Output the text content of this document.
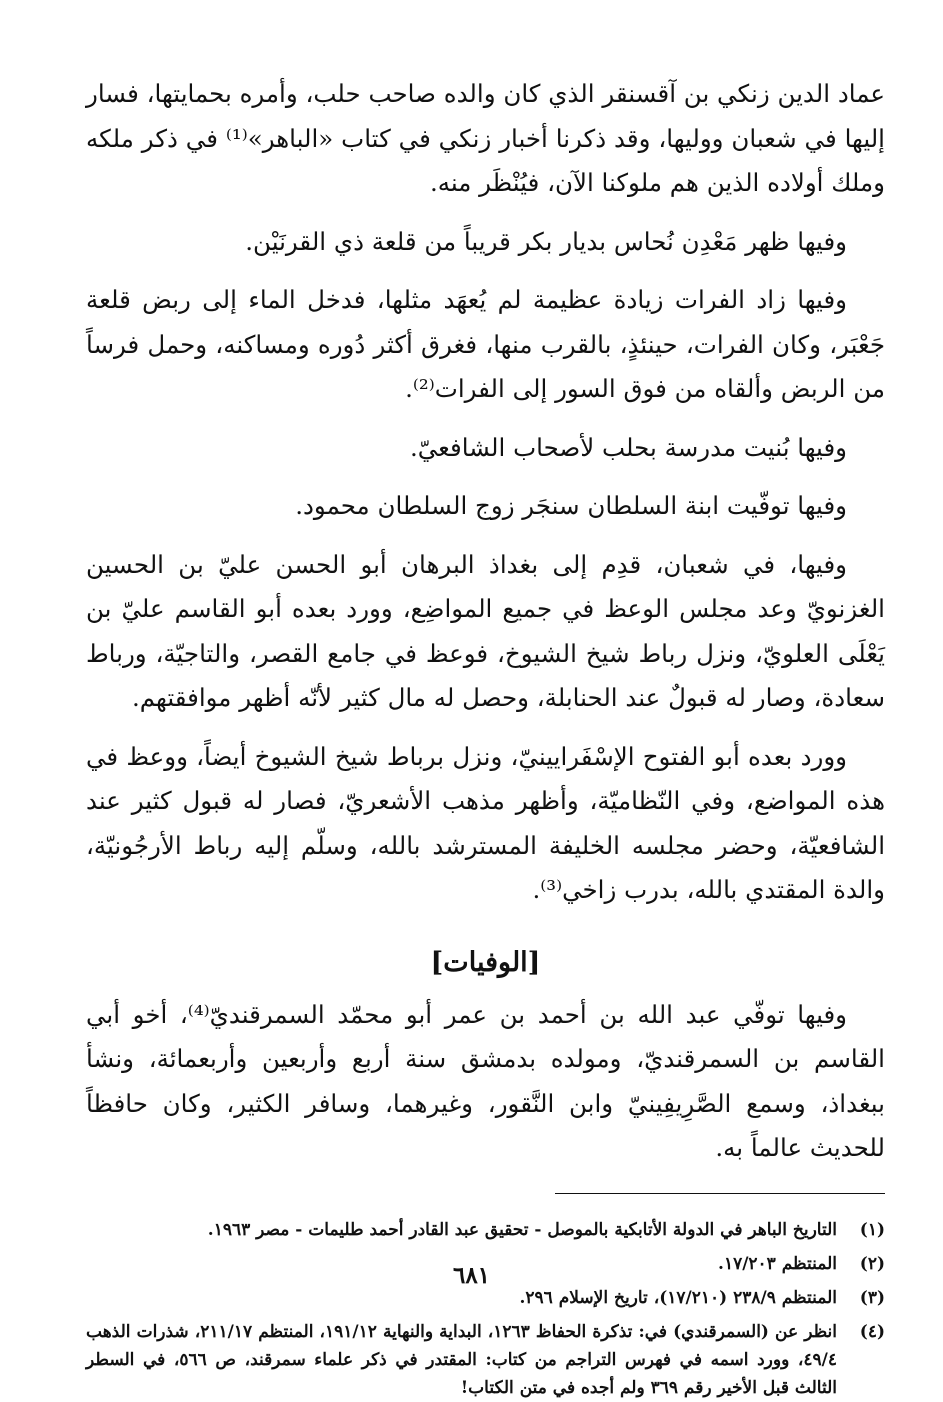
عماد الدين زنكي بن آقسنقر الذي كان والده صاحب حلب، وأمره بحمايتها، فسار إليها في شعبان ووليها، وقد ذكرنا أخبار زنكي في كتاب «الباهر»⁽¹⁾ في ذكر ملكه وملك أولاده الذين هم ملوكنا الآن، فيُنْظَر منه.

وفيها ظهر مَعْدِن نُحاس بديار بكر قريباً من قلعة ذي القرنَيْن.

وفيها زاد الفرات زيادة عظيمة لم يُعهَد مثلها، فدخل الماء إلى ربض قلعة جَعْبَر، وكان الفرات، حينئذٍ، بالقرب منها، فغرق أكثر دُوره ومساكنه، وحمل فرساً من الربض وألقاه من فوق السور إلى الفرات⁽²⁾.

وفيها بُنيت مدرسة بحلب لأصحاب الشافعيّ.

وفيها توفّيت ابنة السلطان سنجَر زوج السلطان محمود.

وفيها، في شعبان، قدِم إلى بغداذ البرهان أبو الحسن عليّ بن الحسين الغزنويّ وعد مجلس الوعظ في جميع المواضِع، وورد بعده أبو القاسم عليّ بن يَعْلَى العلويّ، ونزل رباط شيخ الشيوخ، فوعظ في جامع القصر، والتاجيّة، ورباط سعادة، وصار له قبولٌ عند الحنابلة، وحصل له مال كثير لأنّه أظهر موافقتهم.

وورد بعده أبو الفتوح الإسْفَرايينيّ، ونزل برباط شيخ الشيوخ أيضاً، ووعظ في هذه المواضع، وفي النّظاميّة، وأظهر مذهب الأشعريّ، فصار له قبول كثير عند الشافعيّة، وحضر مجلسه الخليفة المسترشد بالله، وسلّم إليه رباط الأرجُونيّة، والدة المقتدي بالله، بدرب زاخي⁽³⁾.

[الوفيات]

وفيها توفّي عبد الله بن أحمد بن عمر أبو محمّد السمرقنديّ⁽⁴⁾، أخو أبي القاسم بن السمرقنديّ، ومولده بدمشق سنة أربع وأربعين وأربعمائة، ونشأ ببغداذ، وسمع الصَّرِيفِينيّ وابن النَّقور، وغيرهما، وسافر الكثير، وكان حافظاً للحديث عالماً به.

(١)
التاريخ الباهر في الدولة الأتابكية بالموصل - تحقيق عبد القادر أحمد طليمات - مصر ١٩٦٣.
(٢)
المنتظم ١٧/٢٠٣.
(٣)
المنتظم ٢٣٨/٩ (١٧/٢١٠)، تاريخ الإسلام ٢٩٦.
(٤)
انظر عن (السمرقندي) في: تذكرة الحفاظ ١٢٦٣، البداية والنهاية ١٩١/١٢، المنتظم ٢١١/١٧، شذرات الذهب ٤٩/٤، وورد اسمه في فهرس التراجم من كتاب: المقتدر في ذكر علماء سمرقند، ص ٥٦٦، في السطر الثالث قبل الأخير رقم ٣٦٩ ولم أجده في متن الكتاب!
٦٨١
